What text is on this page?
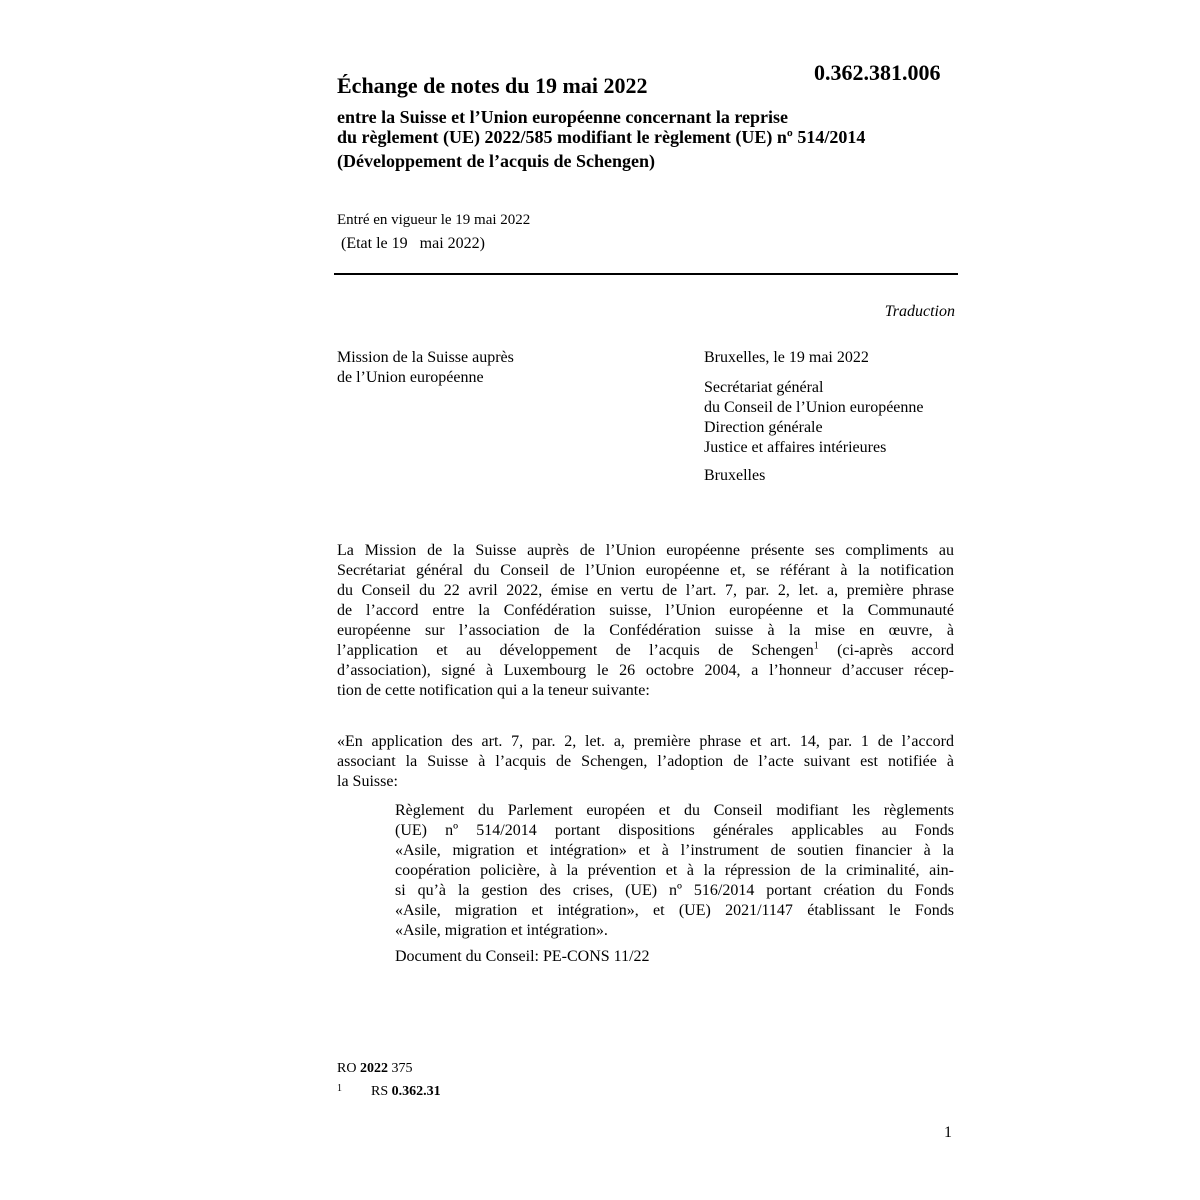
0.362.381.006
Échange de notes du 19 mai 2022
entre la Suisse et l’Union européenne concernant la reprise
du règlement (UE) 2022/585 modifiant le règlement (UE) nº 514/2014
(Développement de l’acquis de Schengen)
Entré en vigueur le 19 mai 2022
(Etat le 19   mai 2022)
Traduction
Mission de la Suisse auprès
de l’Union européenne
Bruxelles, le 19 mai 2022
Secrétariat général
du Conseil de l’Union européenne
Direction générale
Justice et affaires intérieures
Bruxelles
La Mission de la Suisse auprès de l’Union européenne présente ses compliments au
Secrétariat général du Conseil de l’Union européenne et, se référant à la notification
du Conseil du 22 avril 2022, émise en vertu de l’art. 7, par. 2, let. a, première phrase
de l’accord entre la Confédération suisse, l’Union européenne et la Communauté
européenne sur l’association de la Confédération suisse à la mise en œuvre, à
l’application et au développement de l’acquis de Schengen$^1$ (ci-après accord
d’association), signé à Luxembourg le 26 octobre 2004, a l’honneur d’accuser récep-
tion de cette notification qui a la teneur suivante:
«En application des art. 7, par. 2, let. a, première phrase et art. 14, par. 1 de l’accord
associant la Suisse à l’acquis de Schengen, l’adoption de l’acte suivant est notifiée à
la Suisse:
Règlement du Parlement européen et du Conseil modifiant les règlements
(UE) nº 514/2014 portant dispositions générales applicables au Fonds
«Asile, migration et intégration» et à l’instrument de soutien financier à la
coopération policière, à la prévention et à la répression de la criminalité, ain-
si qu’à la gestion des crises, (UE) nº 516/2014 portant création du Fonds
«Asile, migration et intégration», et (UE) 2021/1147 établissant le Fonds
«Asile, migration et intégration».
Document du Conseil: PE-CONS 11/22
RO 2022 375
1 RS 0.362.31
1
